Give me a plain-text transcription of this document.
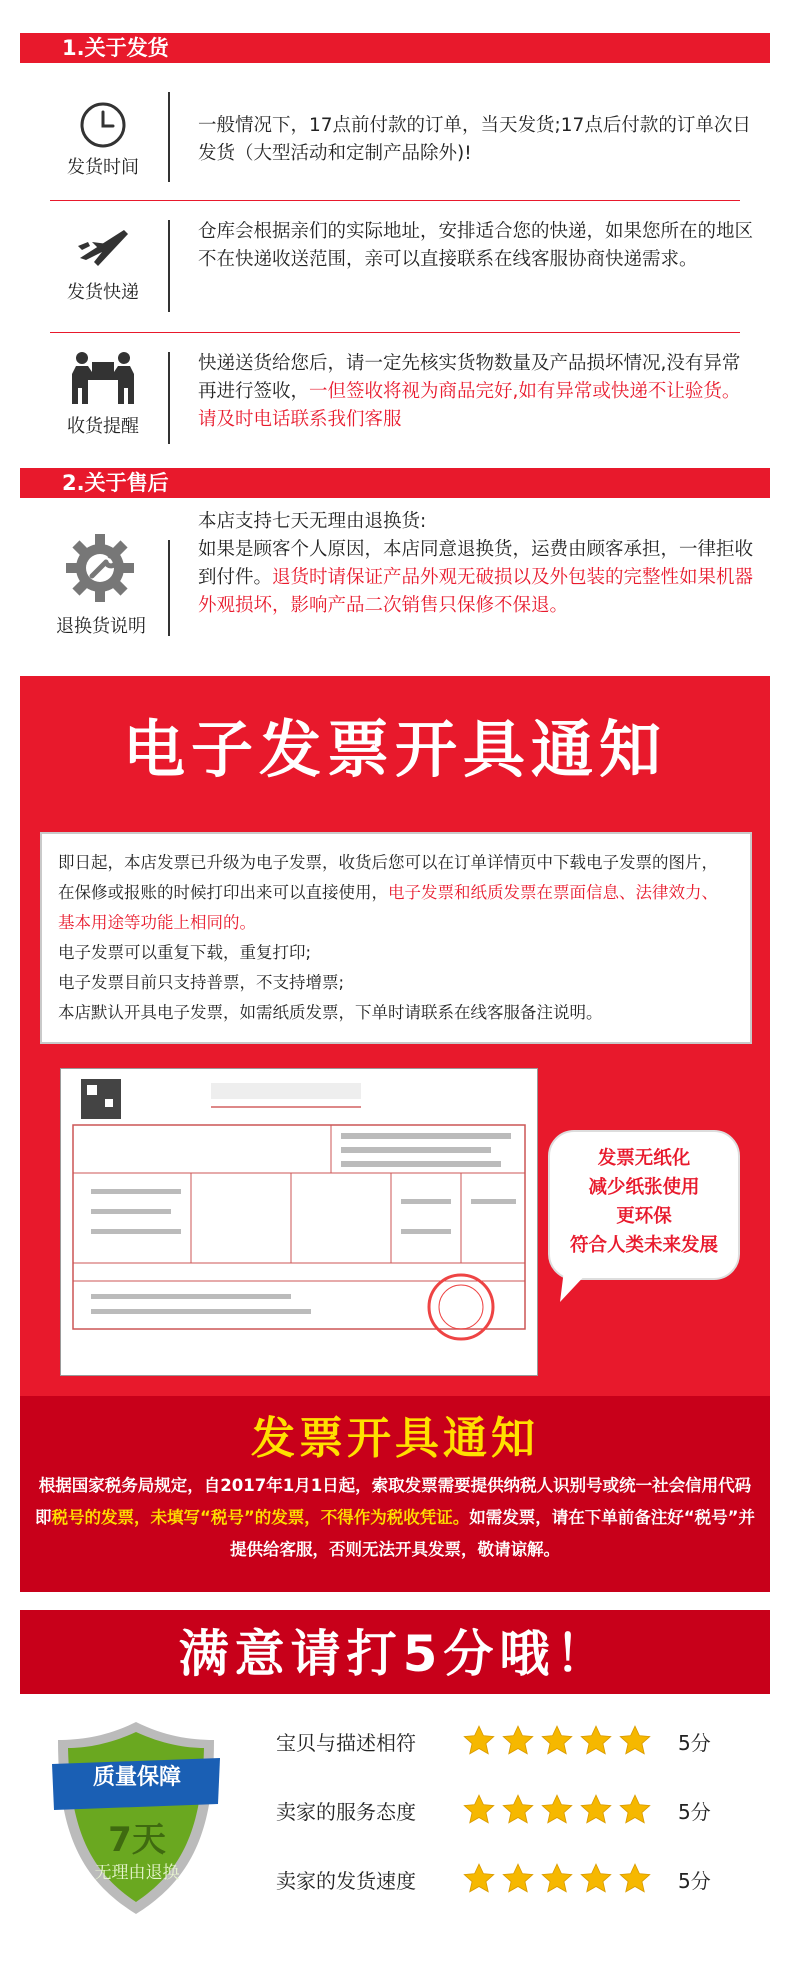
1.关于发货
发货时间
一般情况下，17点前付款的订单，当天发货;17点后付款的订单次日发货（大型活动和定制产品除外)!
发货快递
仓库会根据亲们的实际地址，安排适合您的快递，如果您所在的地区不在快递收送范围，亲可以直接联系在线客服协商快递需求。
收货提醒
快递送货给您后，请一定先核实货物数量及产品损坏情况,没有异常再进行签收，一但签收将视为商品完好,如有异常或快递不让验货。请及时电话联系我们客服
2.关于售后
退换货说明
本店支持七天无理由退换货:
如果是顾客个人原因，本店同意退换货，运费由顾客承担，一律拒收到付件。退货时请保证产品外观无破损以及外包装的完整性如果机器外观损坏，影响产品二次销售只保修不保退。
电子发票开具通知
即日起，本店发票已升级为电子发票，收货后您可以在订单详情页中下载电子发票的图片，在保修或报账的时候打印出来可以直接使用，电子发票和纸质发票在票面信息、法律效力、基本用途等功能上相同的。
电子发票可以重复下载，重复打印;
电子发票目前只支持普票，不支持增票;
本店默认开具电子发票，如需纸质发票，下单时请联系在线客服备注说明。
发票无纸化
减少纸张使用
更环保
符合人类未来发展
发票开具通知
根据国家税务局规定，自2017年1月1日起，索取发票需要提供纳税人识别号或统一社会信用代码即税号的发票，未填写“税号”的发票，不得作为税收凭证。如需发票，请在下单前备注好“税号”并提供给客服，否则无法开具发票，敬请谅解。
满意请打5分哦！
质量保障
7天
无理由退换
宝贝与描述相符	5分
卖家的服务态度	5分
卖家的发货速度	5分
